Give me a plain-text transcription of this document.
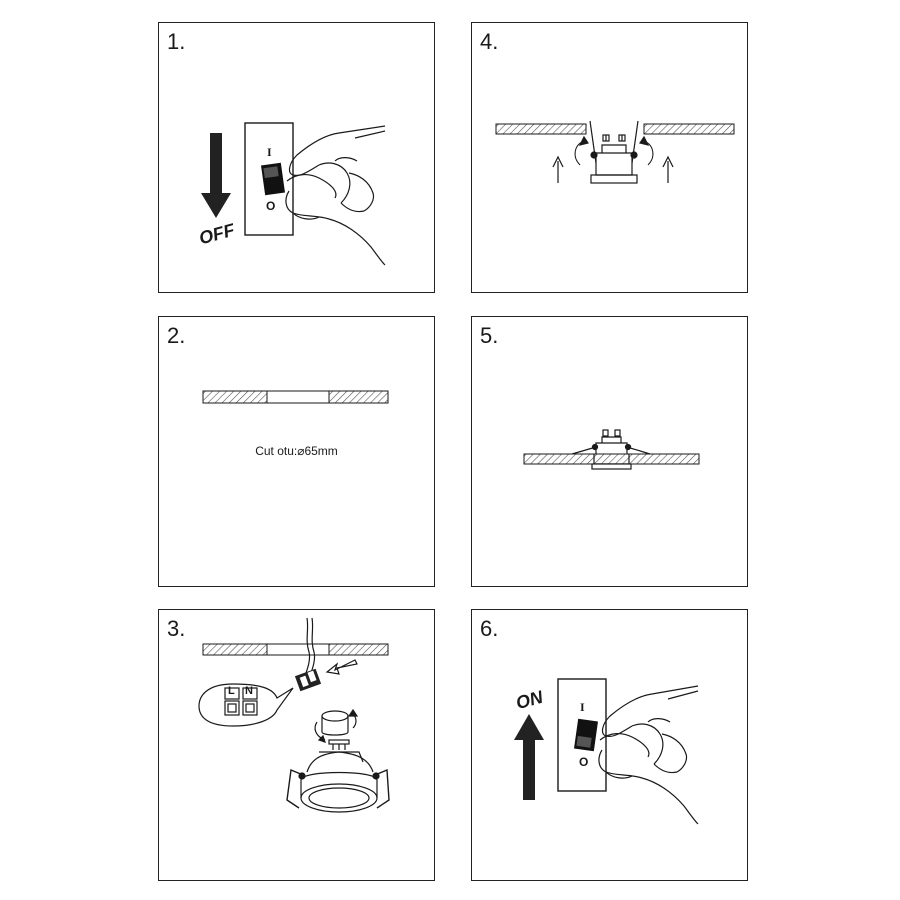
1.
I
O
OFF
4.
2.
Cut otu:⌀65mm
5.
3.
L N
6.
I
O
ON
